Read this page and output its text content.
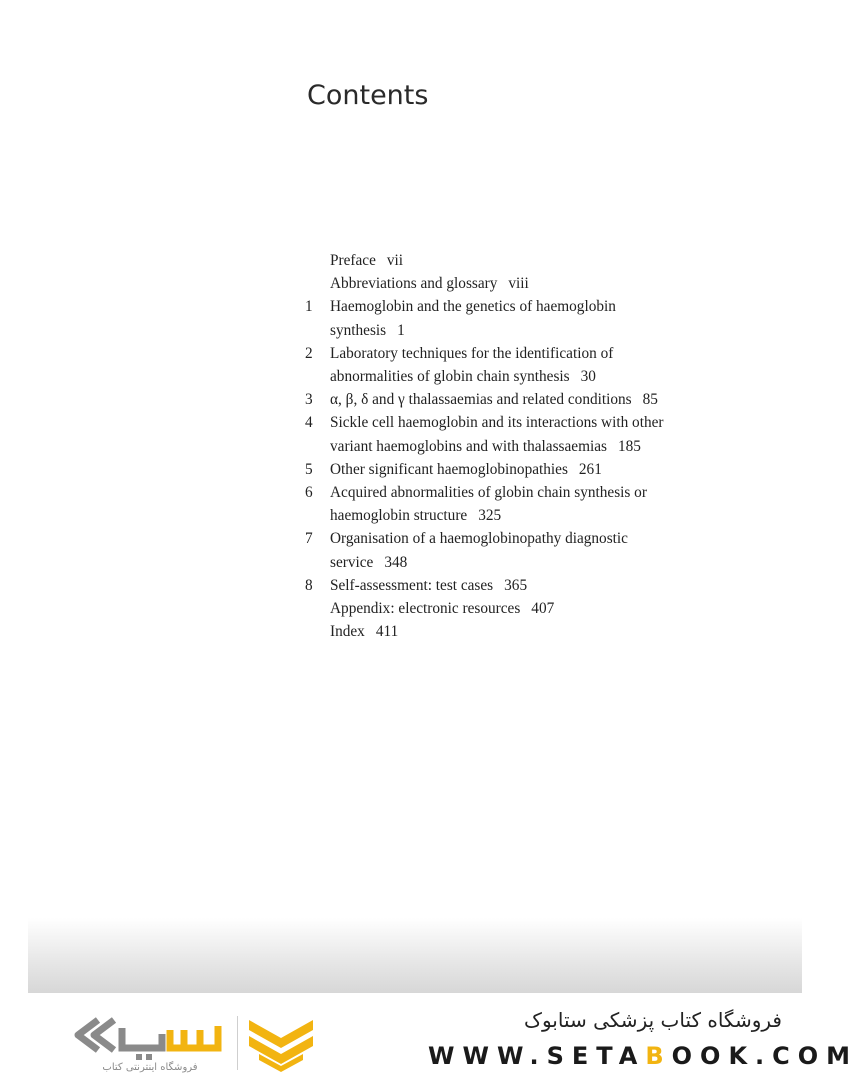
Contents
Preface vii
Abbreviations and glossary viii
1	Haemoglobin and the genetics of haemoglobin
synthesis 1
2	Laboratory techniques for the identification of
abnormalities of globin chain synthesis 30
3	α, β, δ and γ thalassaemias and related conditions 85
4	Sickle cell haemoglobin and its interactions with other
variant haemoglobins and with thalassaemias 185
5	Other significant haemoglobinopathies 261
6	Acquired abnormalities of globin chain synthesis or
haemoglobin structure 325
7	Organisation of a haemoglobinopathy diagnostic
service 348
8	Self-assessment: test cases 365
Appendix: electronic resources 407
Index 411
فروشگاه اینترنتی کتاب
فروشگاه کتاب پزشکی ستابوک
WWW.SETABOOK.COM
